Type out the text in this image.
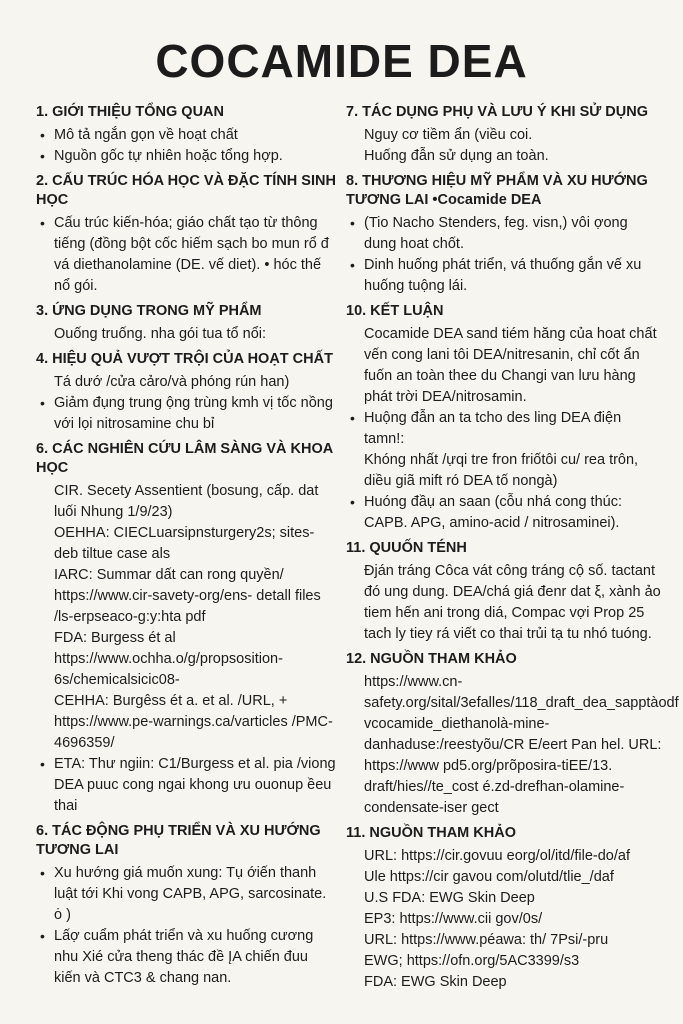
COCAMIDE DEA
1. GIỚI THIỆU TỔNG QUAN
• Mô tả ngắn gọn về hoạt chất
• Nguồn gốc tự nhiên hoặc tổng hợp.
2. CẤU TRÚC HÓA HỌC VÀ ĐẶC TÍNH SINH HỌC
• Cấu trúc kiến-hóa; giáo chất tạo từ thông tiếng (đồng bột cốc hiếm sạch bo mun rổ đ vá diethanolamine (DE. vế diet). • hóc thế nổ gói.
3. ỨNG DỤNG TRONG MỸ PHẨM
Ouống truống. nha gói tua tổ nổi:
4. HIỆU QUẢ VƯỢT TRỘI CỦA HOẠT CHẤT
Tá dướ /cửa cảro/và phóng rún han)
• Giảm đụng trung ộng trùng kmh vị tốc nồng với lọi nitrosamine chu bỉ
6. CÁC NGHIÊN CỨU LÂM SÀNG VÀ KHOA HỌC
CIR. Secety Assentient (bosung, cấp. dat luối Nhung 1/9/23)
OEHHA: CIECLuarsipnsturgery2s; sites-deb tiltue case als
IARC: Summar dất can rong quyền/ https://www.cir-savety-org/ens- detall files /ls-erpseaco-g:y:hta pdf
FDA: Burgess ét al https://www.ochha.o/g/propsosition-6s/chemicalsicic08-
CEHHA: Burgêss ét a. et al. /URL, + https://www.pe-warnings.ca/varticles /PMC-4696359/
• ETA: Thư ngiin: C1/Burgess et al. pia /viong DEA puuc cong ngai khong ưu ouonup ềeu thai
6. TÁC ĐỘNG PHỤ TRIỂN VÀ XU HƯỚNG TƯƠNG LAI
• Xu hướng giá muốn xung: Tụ ớiến thanh luật tới Khi vong CAPB, APG, sarcosinate. ȯ )
• Lấợ cuẩm phát triển và xu huống cương nhu Xié cửa theng thác đề ĮA chiến đuu kiến và CTC3 & chang nan.
7. TÁC DỤNG PHỤ VÀ LƯU Ý KHI SỬ DỤNG
Nguy cơ tiềm ẩn (viều coi.
Huống đẫn sử dụng an toàn.
8. THƯƠNG HIỆU MỸ PHẨM VÀ XU HƯỚNG TƯƠNG LAI •Cocamide DEA
• (Tio Nacho Stenders, feg. visn,) vôi ợong dung hoat chốt.
• Dinh huống phát triển, vá thuống gắn vế xu huống tuộng lái.
10. KẾT LUẬN
Cocamide DEA sand tiém hăng của hoat chất vến cong lani tôi DEA/nitresanin, chỉ cốt ẩn fuốn an toàn thee du Changi van lưu hàng phát trời DEA/nitrosamin.
• Huộng đẫn an ta tcho des ling DEA điện tamn!:
Khóng nhất /ựqi tre fron friốtôi cu/ rea trôn, diều giã mift ró DEA tố nongà)
• Huóng đầụ an saan (cỗu nhá cong thúc: CAPB. APG, amino-acid / nitrosaminei).
11. QUUỐN TÉNH
Ðján tráng Côca vát công tráng cộ số. tactant đó ung dung. DEA/chá giá đenr dat ξ, xành ảo tiem hến ani trong diá, Compac vợi Prop 25 tach ly tiey rá viết co thai trủi tạ tu nhó tuóng.
12. NGUỒN THAM KHẢO
https://www.cn-safety.org/sital/3efalles/118_draft_dea_sapptàodf vcocamide_diethanolà-mine-danhaduse:/reestyõu/CR E/eert Pan hel. URL: https://www pd5.org/prõposira-tiEE/13. draft/hies//te_cost é.zd-drefhan-olamine-condensate-iser gect
11. NGUỒN THAM KHẢO
URL: https://cir.govuu eorg/ol/itd/file-do/af
Ule https://cir gavou com/olutd/tlie_/daf
U.S FDA: EWG Skin Deep
EP3: https://www.cii gov/0s/
URL: https://www.péawa: th/ 7Psi/-pru
EWG; https://ofn.org/5AC3399/s3
FDA: EWG Skin Deep
